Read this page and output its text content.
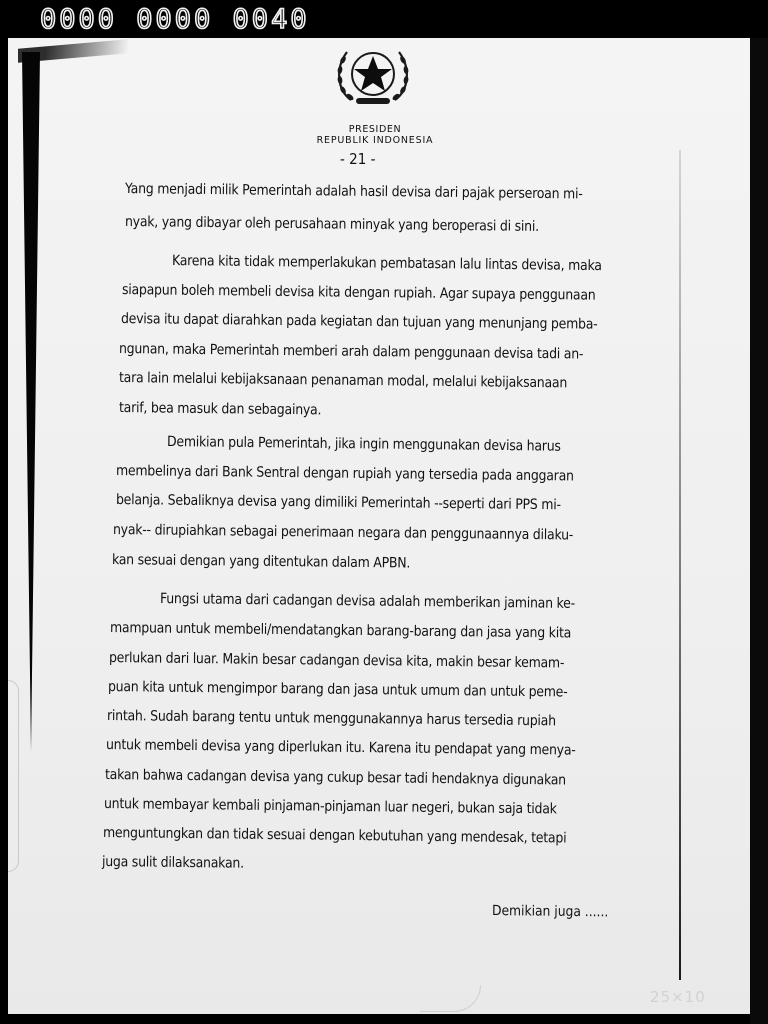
0000 0000 0040
25×10
PRESIDEN
REPUBLIK INDONESIA
- 21 -
Yang menjadi milik Pemerintah adalah hasil devisa dari pajak perseroan mi-
nyak, yang dibayar oleh perusahaan minyak yang beroperasi di sini.
Karena kita tidak memperlakukan pembatasan lalu lintas devisa, maka
siapapun boleh membeli devisa kita dengan rupiah. Agar supaya penggunaan
devisa itu dapat diarahkan pada kegiatan dan tujuan yang menunjang pemba-
ngunan, maka Pemerintah memberi arah dalam penggunaan devisa tadi an-
tara lain melalui kebijaksanaan penanaman modal, melalui kebijaksanaan
tarif, bea masuk dan sebagainya.
Demikian pula Pemerintah, jika ingin menggunakan devisa harus
membelinya dari Bank Sentral dengan rupiah yang tersedia pada anggaran
belanja. Sebaliknya devisa yang dimiliki Pemerintah --seperti dari PPS mi-
nyak-- dirupiahkan sebagai penerimaan negara dan penggunaannya dilaku-
kan sesuai dengan yang ditentukan dalam APBN.
Fungsi utama dari cadangan devisa adalah memberikan jaminan ke-
mampuan untuk membeli/mendatangkan barang-barang dan jasa yang kita
perlukan dari luar. Makin besar cadangan devisa kita, makin besar kemam-
puan kita untuk mengimpor barang dan jasa untuk umum dan untuk peme-
rintah. Sudah barang tentu untuk menggunakannya harus tersedia rupiah
untuk membeli devisa yang diperlukan itu. Karena itu pendapat yang menya-
takan bahwa cadangan devisa yang cukup besar tadi hendaknya digunakan
untuk membayar kembali pinjaman-pinjaman luar negeri, bukan saja tidak
menguntungkan dan tidak sesuai dengan kebutuhan yang mendesak, tetapi
juga sulit dilaksanakan.
Demikian juga ......
